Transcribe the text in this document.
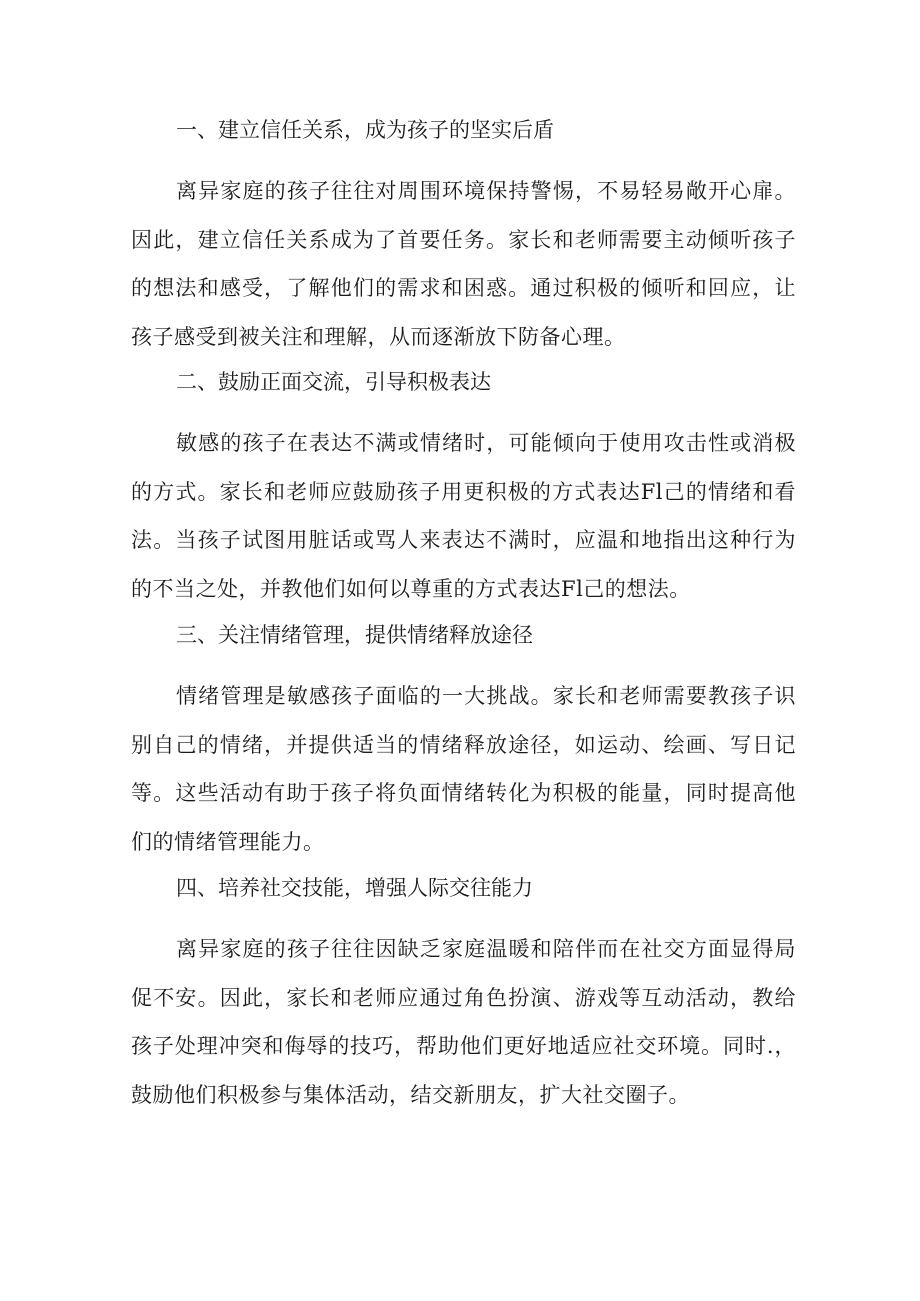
一、建立信任关系，成为孩子的坚实后盾

离异家庭的孩子往往对周围环境保持警惕，不易轻易敞开心扉。因此，建立信任关系成为了首要任务。家长和老师需要主动倾听孩子的想法和感受，了解他们的需求和困惑。通过积极的倾听和回应，让孩子感受到被关注和理解，从而逐渐放下防备心理。

二、鼓励正面交流，引导积极表达

敏感的孩子在表达不满或情绪时，可能倾向于使用攻击性或消极的方式。家长和老师应鼓励孩子用更积极的方式表达Fl己的情绪和看法。当孩子试图用脏话或骂人来表达不满时，应温和地指出这种行为的不当之处，并教他们如何以尊重的方式表达Fl己的想法。

三、关注情绪管理，提供情绪释放途径

情绪管理是敏感孩子面临的一大挑战。家长和老师需要教孩子识别自己的情绪，并提供适当的情绪释放途径，如运动、绘画、写日记等。这些活动有助于孩子将负面情绪转化为积极的能量，同时提高他们的情绪管理能力。

四、培养社交技能，增强人际交往能力

离异家庭的孩子往往因缺乏家庭温暖和陪伴而在社交方面显得局促不安。因此，家长和老师应通过角色扮演、游戏等互动活动，教给孩子处理冲突和侮辱的技巧，帮助他们更好地适应社交环境。同时.，鼓励他们积极参与集体活动，结交新朋友，扩大社交圈子。
